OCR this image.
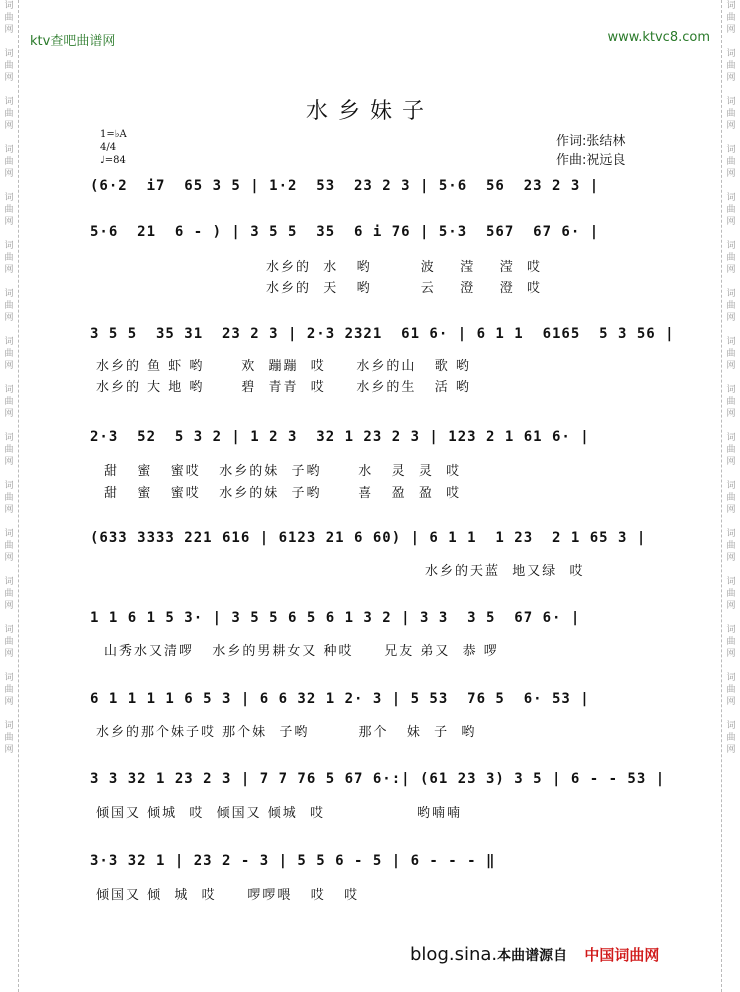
词
曲
网

词
曲
网

词
曲
网

词
曲
网

词
曲
网

词
曲
网

词
曲
网

词
曲
网

词
曲
网

词
曲
网

词
曲
网

词
曲
网

词
曲
网

词
曲
网

词
曲
网

词
曲
网

词
曲
网

词
曲
网

词
曲
网

词
曲
网

词
曲
网

词
曲
网

词
曲
网

词
曲
网

词
曲
网

词
曲
网

词
曲
网

词
曲
网

词
曲
网

词
曲
网

词
曲
网

词
曲
网

ktv查吧曲谱网	www.ktvc8.com
水乡妹子
1=♭A
4/4
♩=84
作词:张结林
作曲:祝远良
(6·2  i7  65 3 5 | 1·2  53  23 2 3 | 5·6  56  23 2 3 |
5·6  21  6 - ) | 3 5 5  35  6 i 76 | 5·3  567  67 6· |
水乡的  水   哟        波    滢    滢  哎
水乡的  天   哟        云    澄    澄  哎
3 5 5  35 31  23 2 3 | 2·3 2321  61 6· | 6 1 1  6165  5 3 56 |
水乡的 鱼 虾 哟      欢  蹦蹦  哎     水乡的山   歌 哟
水乡的 大 地 哟      碧  青青  哎     水乡的生   活 哟
2·3  52  5 3 2 | 1 2 3  32 1 23 2 3 | 123 2 1 61 6· |
甜   蜜   蜜哎   水乡的妹  子哟      水   灵  灵  哎
甜   蜜   蜜哎   水乡的妹  子哟      喜   盈  盈  哎
(633 3333 221 616 | 6123 21 6 60) | 6 1 1  1 23  2 1 65 3 |
水乡的天蓝  地又绿  哎
1 1 6 1 5 3· | 3 5 5 6 5 6 1 3 2 | 3 3  3 5  67 6· |
山秀水又清啰   水乡的男耕女又 种哎     兄友 弟又  恭 啰
6 1 1 1 1 6 5 3 | 6 6 32 1 2· 3 | 5 53  76 5  6· 53 |
水乡的那个妹子哎 那个妹  子哟        那个   妹  子  哟
3 3 32 1 23 2 3 | 7 7 76 5 67 6·:| (61 23 3) 3 5 | 6 - - 53 |
倾国又 倾城  哎  倾国又 倾城  哎               哟喃喃
3·3 32 1 | 23 2 - 3 | 5 5 6 - 5 | 6 - - - ‖
倾国又 倾  城  哎     啰啰喂   哎   哎
blog.sina.本曲谱源自 中国词曲网
